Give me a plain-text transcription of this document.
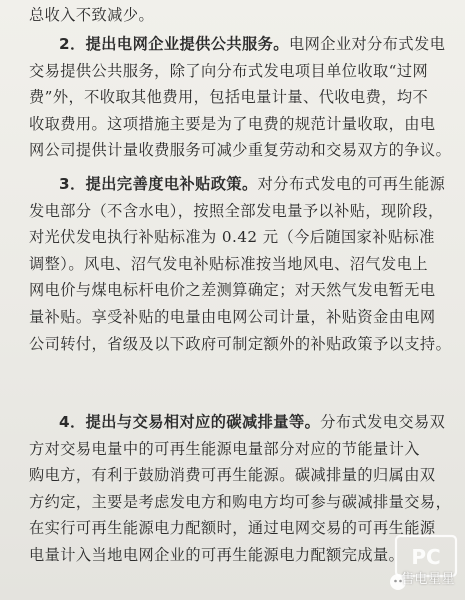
总收入不致减少。

2．提出电网企业提供公共服务。电网企业对分布式发电
交易提供公共服务，除了向分布式发电项目单位收取“过网
费”外，不收取其他费用，包括电量计量、代收电费，均不
收取费用。这项措施主要是为了电费的规范计量收取，由电
网公司提供计量收费服务可减少重复劳动和交易双方的争议。

3．提出完善度电补贴政策。对分布式发电的可再生能源
发电部分（不含水电），按照全部发电量予以补贴，现阶段，
对光伏发电执行补贴标准为 0.42 元（今后随国家补贴标准
调整）。风电、沼气发电补贴标准按当地风电、沼气发电上
网电价与煤电标杆电价之差测算确定；对天然气发电暂无电
量补贴。享受补贴的电量由电网公司计量，补贴资金由电网
公司转付，省级及以下政府可制定额外的补贴政策予以支持。

4．提出与交易相对应的碳减排量等。分布式发电交易双
方对交易电量中的可再生能源电量部分对应的节能量计入
购电方，有利于鼓励消费可再生能源。碳减排量的归属由双
方约定，主要是考虑发电方和购电方均可参与碳减排量交易，
在实行可再生能源电力配额时，通过电网交易的可再生能源
电量计入当地电网企业的可再生能源电力配额完成量。 PC
售电星星
